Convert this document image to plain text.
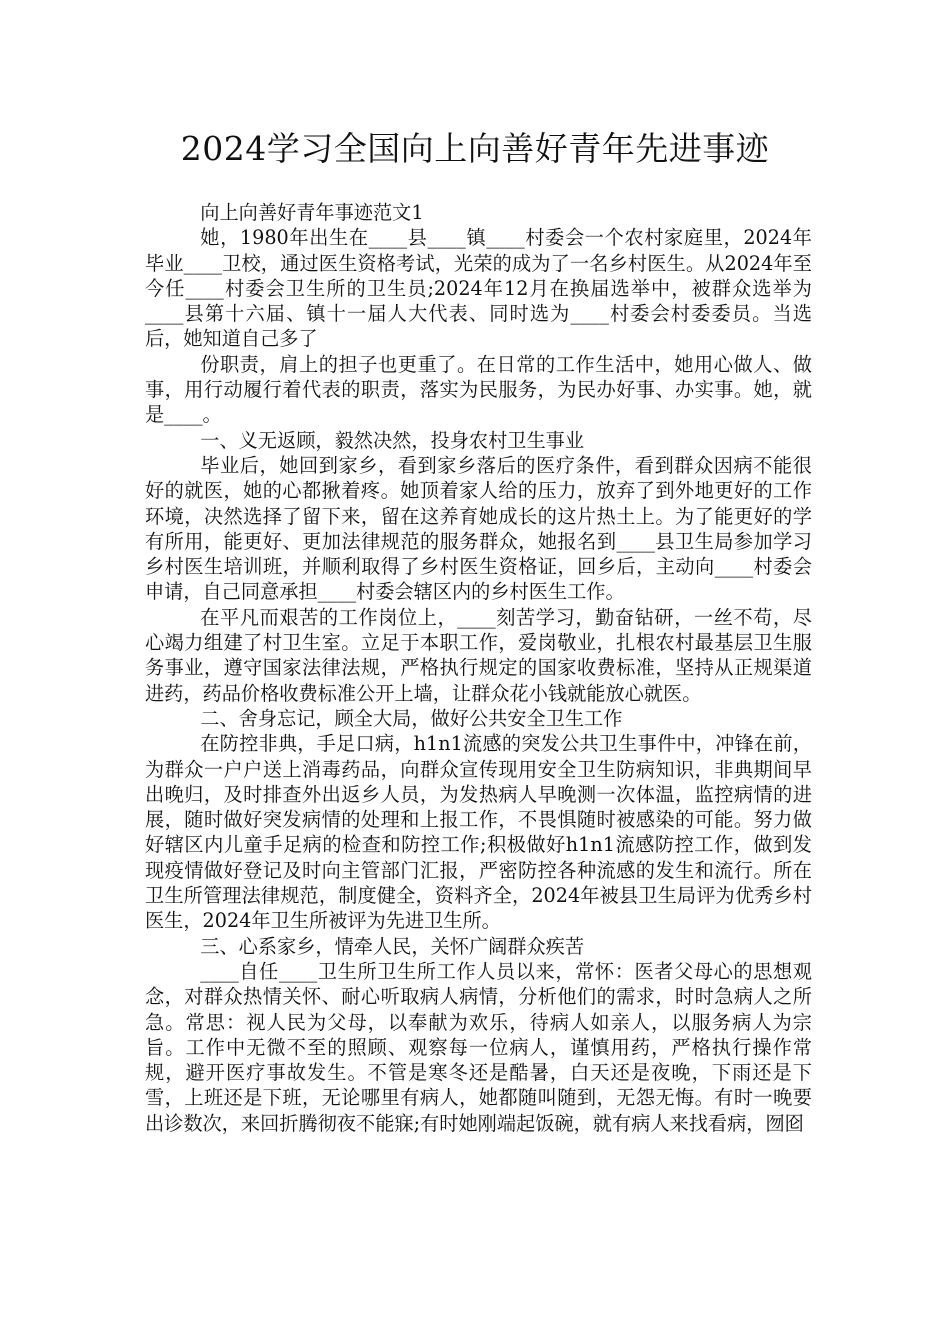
2024学习全国向上向善好青年先进事迹

向上向善好青年事迹范文1

她，1980年出生在____县____镇____村委会一个农村家庭里，2024年毕业____卫校，通过医生资格考试，光荣的成为了一名乡村医生。从2024年至今任____村委会卫生所的卫生员;2024年12月在换届选举中，被群众选举为____县第十六届、镇十一届人大代表、同时选为____村委会村委委员。当选后，她知道自己多了

份职责，肩上的担子也更重了。在日常的工作生活中，她用心做人、做事，用行动履行着代表的职责，落实为民服务，为民办好事、办实事。她，就是____。

一、义无返顾，毅然决然，投身农村卫生事业

毕业后，她回到家乡，看到家乡落后的医疗条件，看到群众因病不能很好的就医，她的心都揪着疼。她顶着家人给的压力，放弃了到外地更好的工作环境，决然选择了留下来，留在这养育她成长的这片热土上。为了能更好的学有所用，能更好、更加法律规范的服务群众，她报名到____县卫生局参加学习乡村医生培训班，并顺利取得了乡村医生资格证，回乡后，主动向____村委会申请，自己同意承担____村委会辖区内的乡村医生工作。

在平凡而艰苦的工作岗位上，____刻苦学习，勤奋钻研，一丝不苟，尽心竭力组建了村卫生室。立足于本职工作，爱岗敬业，扎根农村最基层卫生服务事业，遵守国家法律法规，严格执行规定的国家收费标准，坚持从正规渠道进药，药品价格收费标准公开上墙，让群众花小钱就能放心就医。

二、舍身忘记，顾全大局，做好公共安全卫生工作

在防控非典，手足口病，h1n1流感的突发公共卫生事件中，冲锋在前，为群众一户户送上消毒药品，向群众宣传现用安全卫生防病知识，非典期间早出晚归，及时排查外出返乡人员，为发热病人早晚测一次体温，监控病情的进展，随时做好突发病情的处理和上报工作，不畏惧随时被感染的可能。努力做好辖区内儿童手足病的检查和防控工作;积极做好h1n1流感防控工作，做到发现疫情做好登记及时向主管部门汇报，严密防控各种流感的发生和流行。所在卫生所管理法律规范，制度健全，资料齐全，2024年被县卫生局评为优秀乡村医生，2024年卫生所被评为先进卫生所。

三、心系家乡，情牵人民，关怀广阔群众疾苦

____自任____卫生所卫生所工作人员以来，常怀：医者父母心的思想观念，对群众热情关怀、耐心听取病人病情，分析他们的需求，时时急病人之所急。常思：视人民为父母，以奉献为欢乐，待病人如亲人，以服务病人为宗旨。工作中无微不至的照顾、观察每一位病人，谨慎用药，严格执行操作常规，避开医疗事故发生。不管是寒冬还是酷暑，白天还是夜晚，下雨还是下雪，上班还是下班，无论哪里有病人，她都随叫随到，无怨无悔。有时一晚要出诊数次，来回折腾彻夜不能寐;有时她刚端起饭碗，就有病人来找看病，囫囵
